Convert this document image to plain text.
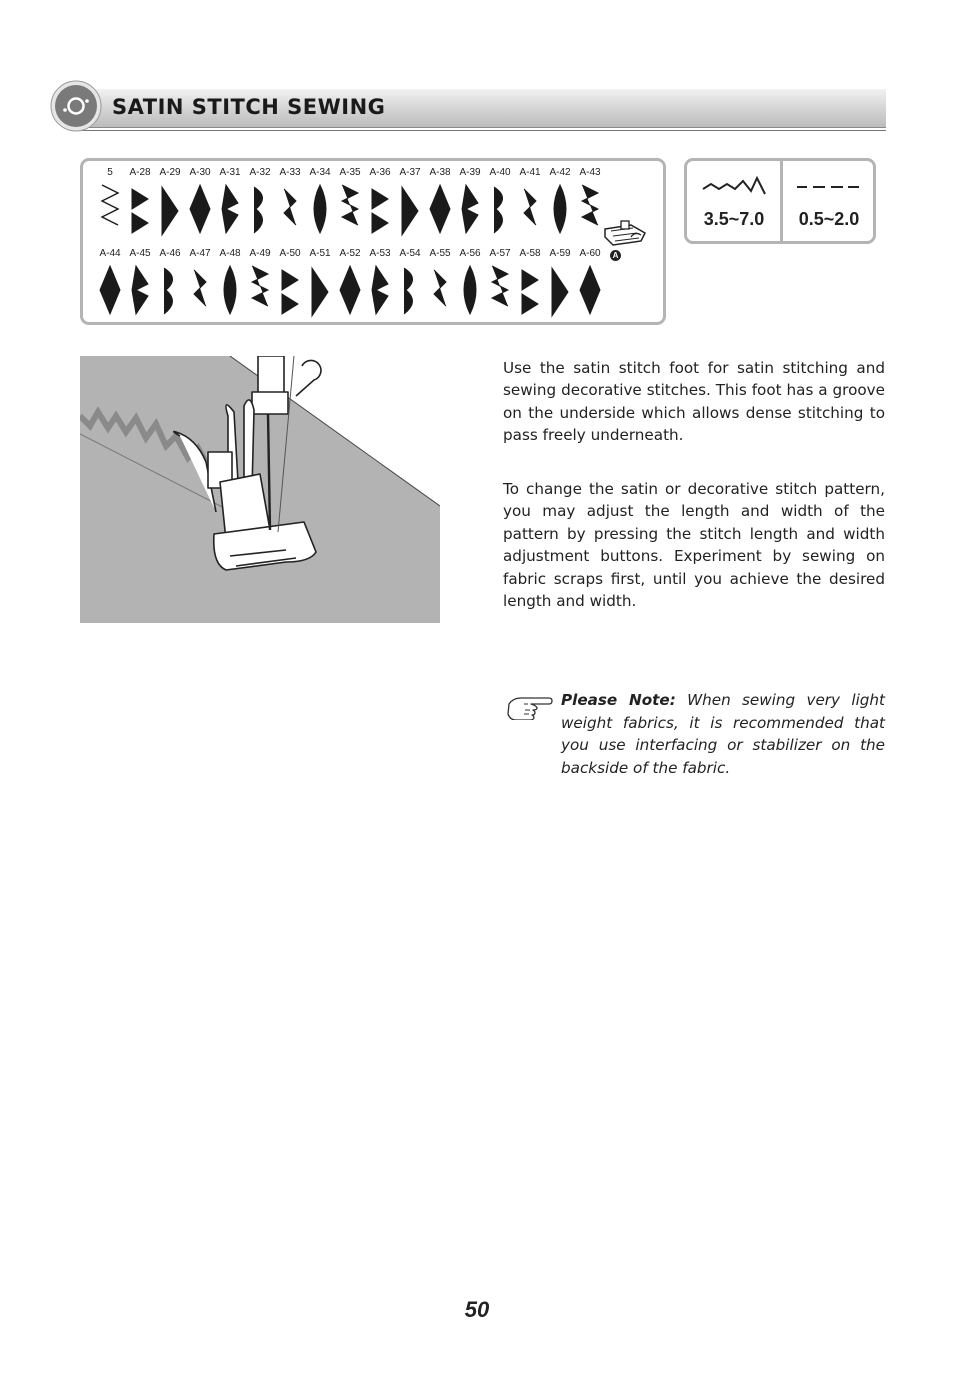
SATIN STITCH SEWING
5	A-28 A-29 A-30 A-31 A-32 A-33 A-34 A-35 A-36 A-37 A-38 A-39 A-40 A-41 A-42 A-43
A-44 A-45 A-46 A-47 A-48 A-49 A-50 A-51 A-52 A-53 A-54 A-55 A-56 A-57 A-58 A-59 A-60	A
3.5~7.0	0.5~2.0
Use the satin stitch foot for satin stitching and sewing decorative stitches. This foot has a groove on the underside which allows dense stitching to pass freely underneath.
To change the satin or decorative stitch pattern, you may adjust the length and width of the pattern by pressing the stitch length and width adjustment buttons. Experiment by sewing on fabric scraps first, until you achieve the desired length and width.
Please Note: When sewing very light weight fabrics, it is recommended that you use interfacing or stabilizer on the backside of the fabric.
50
